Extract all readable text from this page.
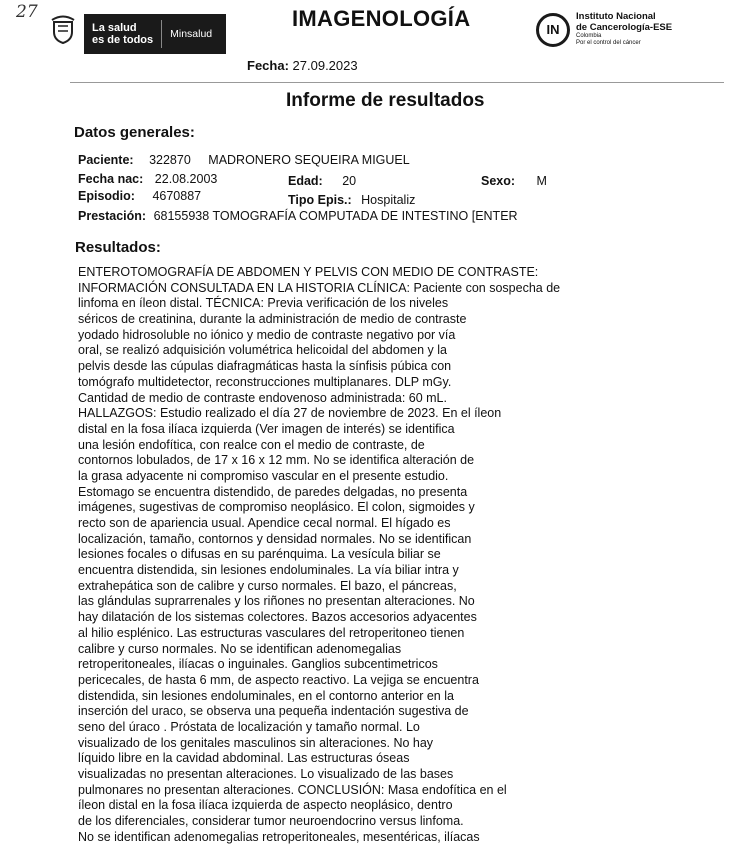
27
La salud
es de todos	Minsalud
IMAGENOLOGÍA	IN
Instituto Nacional
de Cancerología-ESE
Colombia
Por el control del cáncer
Fecha: 27.09.2023
Informe de resultados
Datos generales:
Paciente: 322870 MADRONERO SEQUEIRA MIGUEL
Fecha nac: 22.08.2003	Edad: 20	Sexo: M
Episodio: 4670887	Tipo Epis.: Hospitaliz
Prestación: 68155938 TOMOGRAFÍA COMPUTADA DE INTESTINO [ENTER
Resultados:
ENTEROTOMOGRAFÍA DE ABDOMEN Y PELVIS CON MEDIO DE CONTRASTE:
INFORMACIÓN CONSULTADA EN LA HISTORIA CLÍNICA: Paciente con sospecha de
linfoma en íleon distal. TÉCNICA: Previa verificación de los niveles
séricos de creatinina, durante la administración de medio de contraste
yodado hidrosoluble no iónico y medio de contraste negativo por vía
oral, se realizó adquisición volumétrica helicoidal del abdomen y la
pelvis desde las cúpulas diafragmáticas hasta la sínfisis púbica con
tomógrafo multidetector, reconstrucciones multiplanares. DLP mGy.
Cantidad de medio de contraste endovenoso administrada: 60 mL.
HALLAZGOS: Estudio realizado el día 27 de noviembre de 2023. En el íleon
distal en la fosa ilíaca izquierda (Ver imagen de interés) se identifica
una lesión endofítica, con realce con el medio de contraste, de
contornos lobulados, de 17 x 16 x 12 mm. No se identifica alteración de
la grasa adyacente ni compromiso vascular en el presente estudio.
Estomago se encuentra distendido, de paredes delgadas, no presenta
imágenes, sugestivas de compromiso neoplásico. El colon, sigmoides y
recto son de apariencia usual. Apendice cecal normal. El hígado es
localización, tamaño, contornos y densidad normales. No se identifican
lesiones focales o difusas en su parénquima. La vesícula biliar se
encuentra distendida, sin lesiones endoluminales. La vía biliar intra y
extrahepática son de calibre y curso normales. El bazo, el páncreas,
las glándulas suprarrenales y los riñones no presentan alteraciones. No
hay dilatación de los sistemas colectores. Bazos accesorios adyacentes
al hilio esplénico. Las estructuras vasculares del retroperitoneo tienen
calibre y curso normales. No se identifican adenomegalias
retroperitoneales, ilíacas o inguinales. Ganglios subcentimetricos
pericecales, de hasta 6 mm, de aspecto reactivo. La vejiga se encuentra
distendida, sin lesiones endoluminales, en el contorno anterior en la
inserción del uraco, se observa una pequeña indentación sugestiva de
seno del úraco . Próstata de localización y tamaño normal. Lo
visualizado de los genitales masculinos sin alteraciones. No hay
líquido libre en la cavidad abdominal. Las estructuras óseas
visualizadas no presentan alteraciones. Lo visualizado de las bases
pulmonares no presentan alteraciones. CONCLUSIÓN: Masa endofítica en el
íleon distal en la fosa ilíaca izquierda de aspecto neoplásico, dentro
de los diferenciales, considerar tumor neuroendocrino versus linfoma.
No se identifican adenomegalias retroperitoneales, mesentéricas, ilíacas
